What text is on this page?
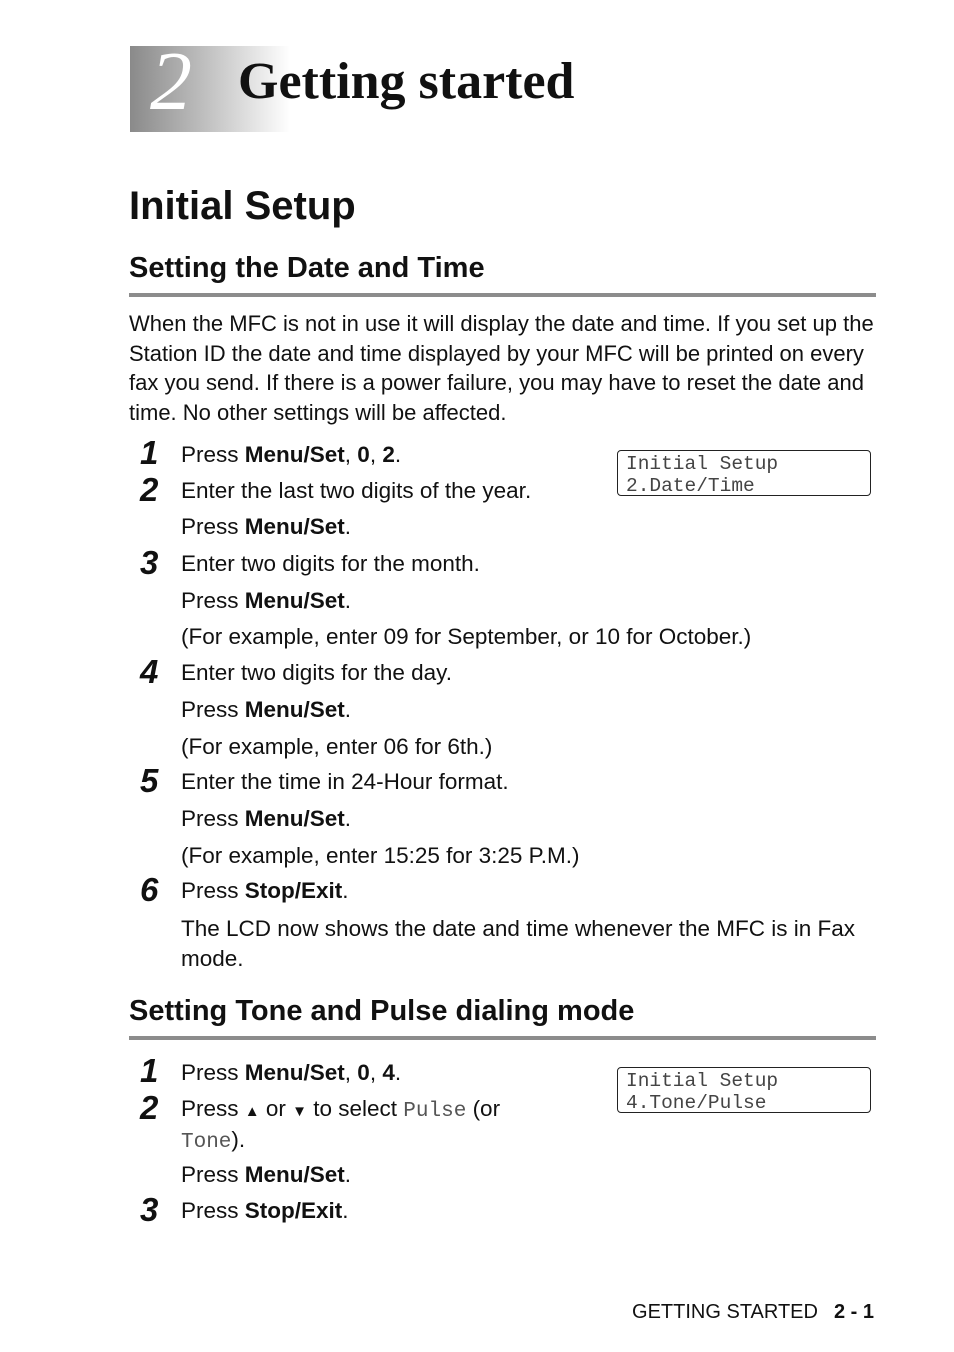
2 Getting started
Initial Setup
Setting the Date and Time
When the MFC is not in use it will display the date and time. If you set up the Station ID the date and time displayed by your MFC will be printed on every fax you send. If there is a power failure, you may have to reset the date and time. No other settings will be affected.
Initial Setup
2.Date/Time
1 Press Menu/Set, 0, 2.
2 Enter the last two digits of the year.
Press Menu/Set.
3 Enter two digits for the month.
Press Menu/Set.
(For example, enter 09 for September, or 10 for October.)
4 Enter two digits for the day.
Press Menu/Set.
(For example, enter 06 for 6th.)
5 Enter the time in 24-Hour format.
Press Menu/Set.
(For example, enter 15:25 for 3:25 P.M.)
6 Press Stop/Exit.
The LCD now shows the date and time whenever the MFC is in Fax mode.
Setting Tone and Pulse dialing mode
Initial Setup
4.Tone/Pulse
1 Press Menu/Set, 0, 4.
2 Press ▲ or ▼ to select Pulse (or
Tone).
Press Menu/Set.
3 Press Stop/Exit.
GETTING STARTED 2 - 1
